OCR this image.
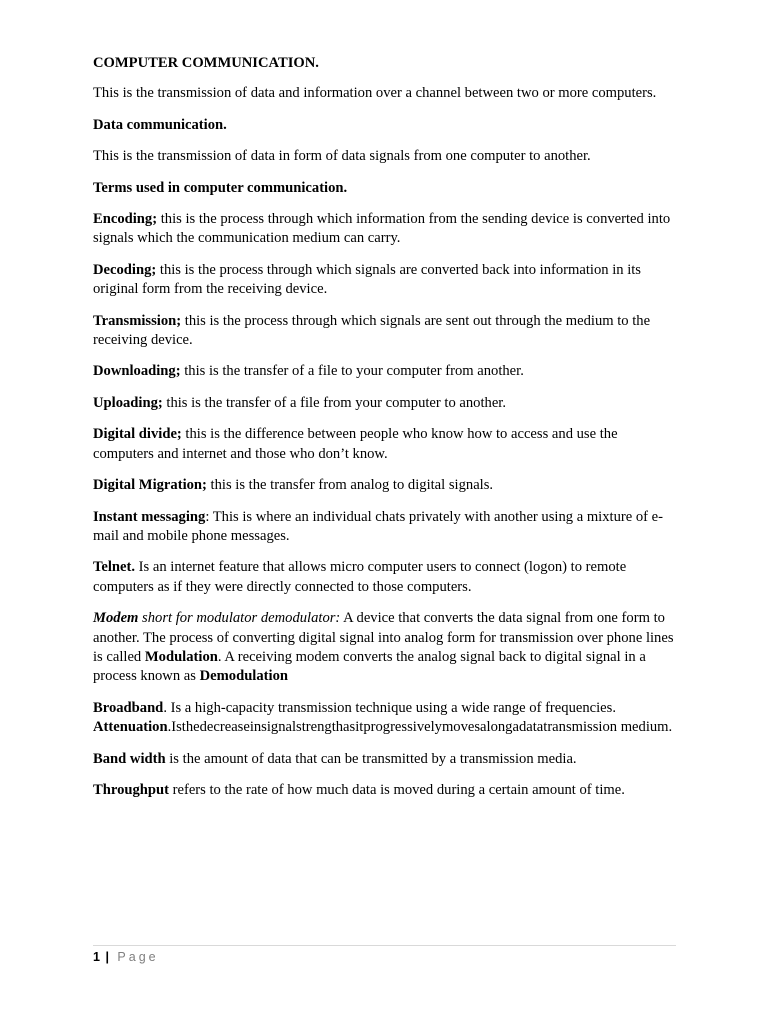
COMPUTER COMMUNICATION.

This is the transmission of data and information over a channel between two or more computers.

Data communication.

This is the transmission of data in form of data signals from one computer to another.

Terms used in computer communication.

Encoding; this is the process through which information from the sending device is converted into signals which the communication medium can carry.

Decoding; this is the process through which signals are converted back into information in its original form from the receiving device.

Transmission; this is the process through which signals are sent out through the medium to the receiving device.

Downloading; this is the transfer of a file to your computer from another.

Uploading; this is the transfer of a file from your computer to another.

Digital divide; this is the difference between people who know how to access and use the computers and internet and those who don’t know.

Digital Migration; this is the transfer from analog to digital signals.

Instant messaging: This is where an individual chats privately with another using a mixture of e-mail and mobile phone messages.

Telnet. Is an internet feature that allows micro computer users to connect (logon) to remote computers as if they were directly connected to those computers.

Modem short for modulator demodulator: A device that converts the data signal from one form to another. The process of converting digital signal into analog form for transmission over phone lines is called Modulation. A receiving modem converts the analog signal back to digital signal in a process known as Demodulation

Broadband. Is a high-capacity transmission technique using a wide range of frequencies.

Attenuation.Isthedecreaseinsignalstrengthasitprogressivelymovesalongadatatransmission medium.

Band width is the amount of data that can be transmitted by a transmission media.

Throughput refers to the rate of how much data is moved during a certain amount of time.

1 | Page
